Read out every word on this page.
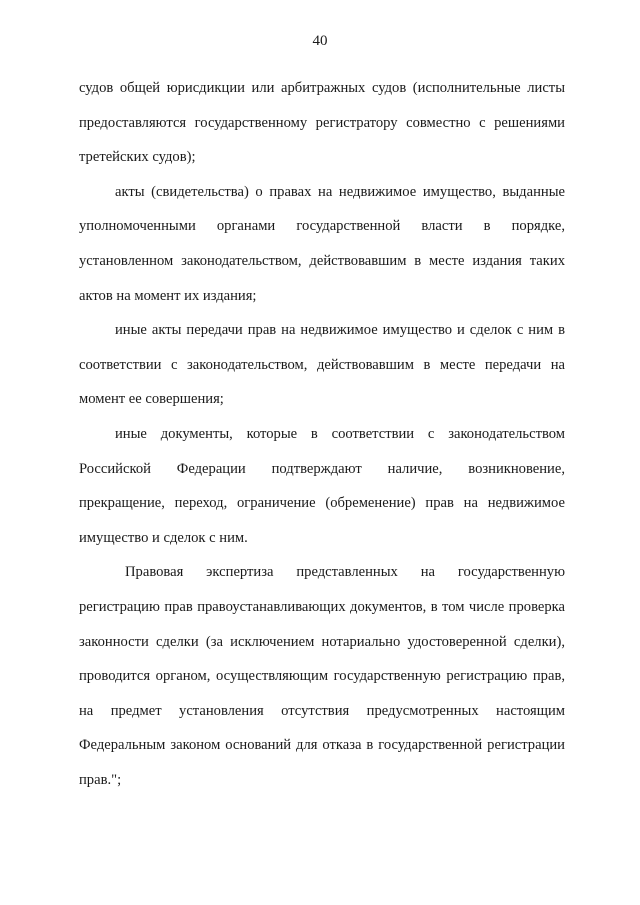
40

судов общей юрисдикции или арбитражных судов (исполнительные листы предоставляются государственному регистратору совместно с решениями третейских судов);

акты (свидетельства) о правах на недвижимое имущество, выданные уполномоченными органами государственной власти в порядке, установленном законодательством, действовавшим в месте издания таких актов на момент их издания;

иные акты передачи прав на недвижимое имущество и сделок с ним в соответствии с законодательством, действовавшим в месте передачи на момент ее совершения;

иные документы, которые в соответствии с законодательством Российской Федерации подтверждают наличие, возникновение, прекращение, переход, ограничение (обременение) прав на недвижимое имущество и сделок с ним.

Правовая экспертиза представленных на государственную регистрацию прав правоустанавливающих документов, в том числе проверка законности сделки (за исключением нотариально удостоверенной сделки), проводится органом, осуществляющим государственную регистрацию прав, на предмет установления отсутствия предусмотренных настоящим Федеральным законом оснований для отказа в государственной регистрации прав.";
